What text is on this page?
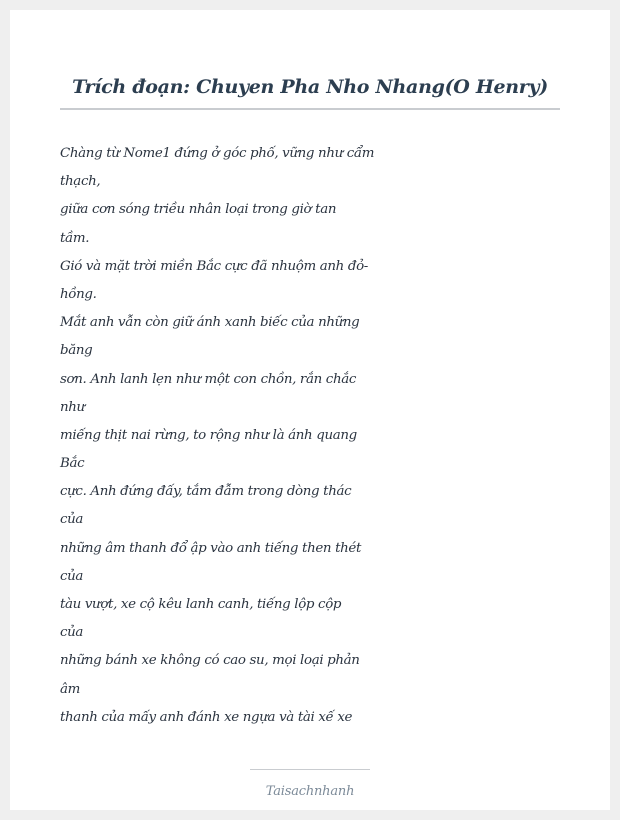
Trích đoạn: Chuyen Pha Nho Nhang(O Henry)
Chàng từ Nome1 đứng ở góc phố, vững như cẩm
thạch,
giữa cơn sóng triều nhân loại trong giờ tan
tầm.
Gió và mặt trời miền Bắc cực đã nhuộm anh đỏ-
hồng.
Mắt anh vẫn còn giữ ánh xanh biếc của những
băng
sơn. Anh lanh lẹn như một con chồn, rắn chắc
như
miếng thịt nai rừng, to rộng như là ánh quang
Bắc
cực. Anh đứng đấy, tắm đẫm trong dòng thác
của
những âm thanh đổ ập vào anh tiếng then thét
của
tàu vượt, xe cộ kêu lanh canh, tiếng lộp cộp
của
những bánh xe không có cao su, mọi loại phản
âm
thanh của mấy anh đánh xe ngựa và tài xế xe
Taisachnhanh
